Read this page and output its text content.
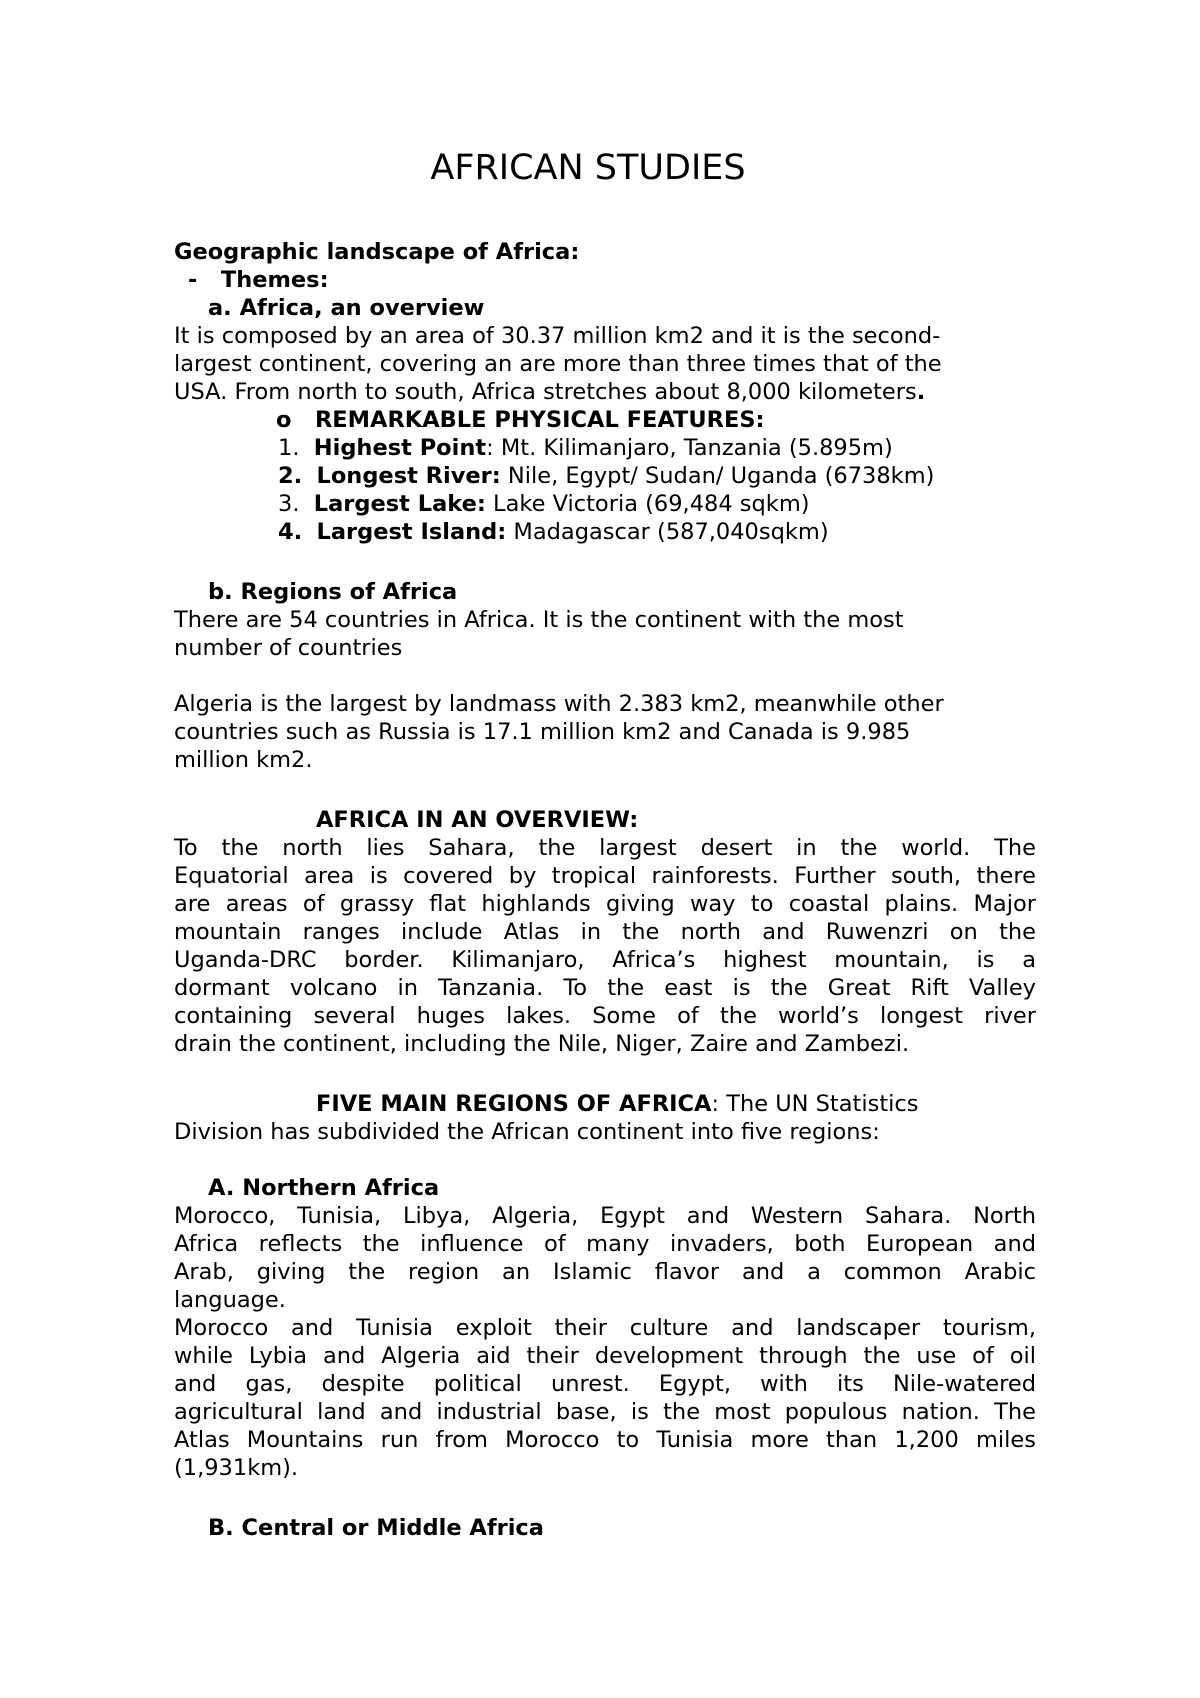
AFRICAN STUDIES
Geographic landscape of Africa:
- Themes:
a. Africa, an overview
It is composed by an area of 30.37 million km2 and it is the second-
largest continent, covering an are more than three times that of the
USA. From north to south, Africa stretches about 8,000 kilometers.
o REMARKABLE PHYSICAL FEATURES:
1. Highest Point: Mt. Kilimanjaro, Tanzania (5.895m)
2. Longest River: Nile, Egypt/ Sudan/ Uganda (6738km)
3. Largest Lake: Lake Victoria (69,484 sqkm)
4. Largest Island: Madagascar (587,040sqkm)
b. Regions of Africa
There are 54 countries in Africa. It is the continent with the most
number of countries
Algeria is the largest by landmass with 2.383 km2, meanwhile other
countries such as Russia is 17.1 million km2 and Canada is 9.985
million km2.
AFRICA IN AN OVERVIEW:
To the north lies Sahara, the largest desert in the world. The
Equatorial area is covered by tropical rainforests. Further south, there
are areas of grassy flat highlands giving way to coastal plains. Major
mountain ranges include Atlas in the north and Ruwenzri on the
Uganda-DRC border. Kilimanjaro, Africa’s highest mountain, is a
dormant volcano in Tanzania. To the east is the Great Rift Valley
containing several huges lakes. Some of the world’s longest river
drain the continent, including the Nile, Niger, Zaire and Zambezi.
FIVE MAIN REGIONS OF AFRICA: The UN Statistics
Division has subdivided the African continent into five regions:
A. Northern Africa
Morocco, Tunisia, Libya, Algeria, Egypt and Western Sahara. North
Africa reflects the influence of many invaders, both European and
Arab, giving the region an Islamic flavor and a common Arabic
language.
Morocco and Tunisia exploit their culture and landscaper tourism,
while Lybia and Algeria aid their development through the use of oil
and gas, despite political unrest. Egypt, with its Nile-watered
agricultural land and industrial base, is the most populous nation. The
Atlas Mountains run from Morocco to Tunisia more than 1,200 miles
(1,931km).
B. Central or Middle Africa
